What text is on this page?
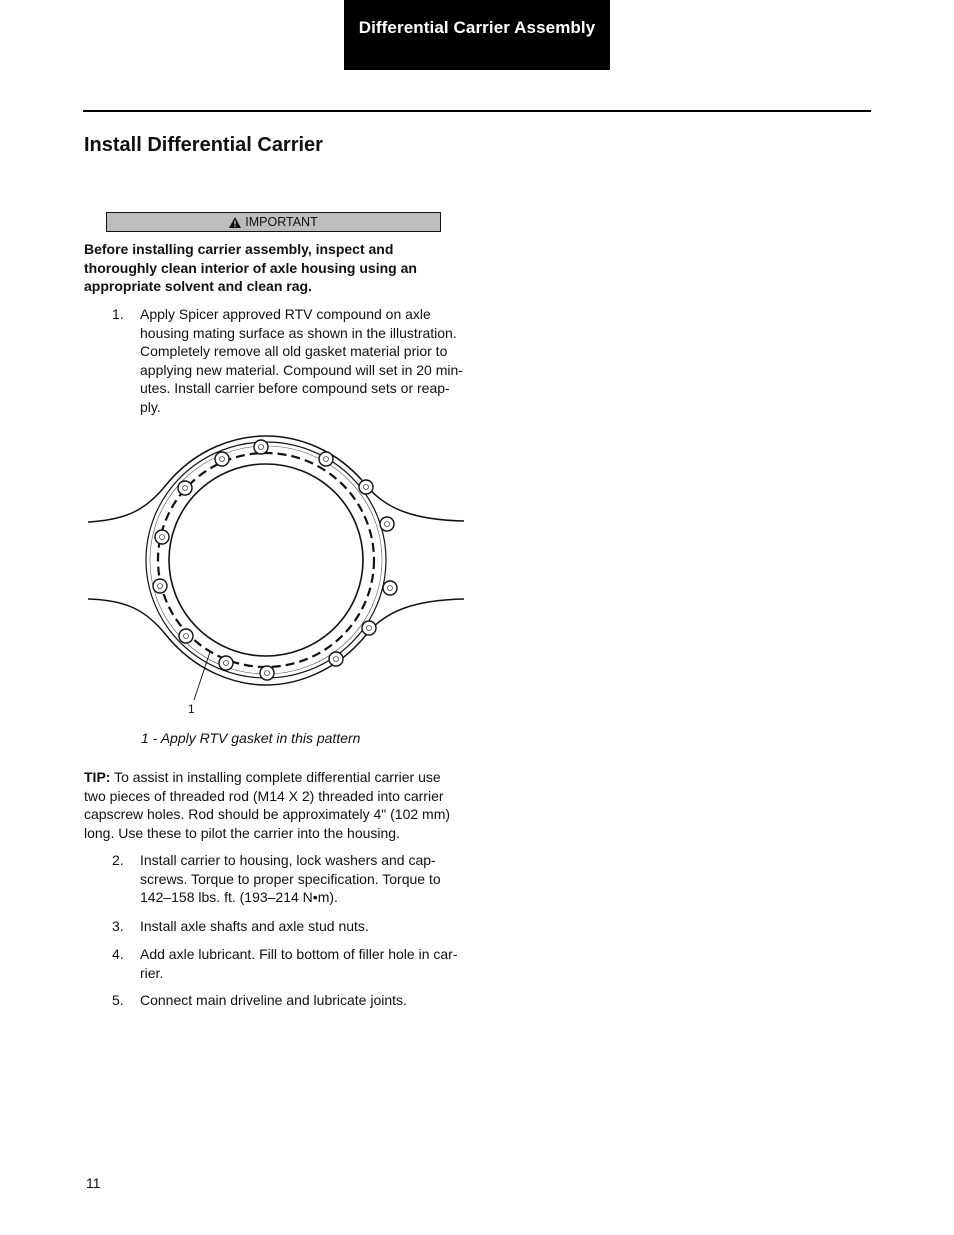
Differential Carrier Assembly
Install Differential Carrier
IMPORTANT
Before installing carrier assembly, inspect and thoroughly clean interior of axle housing using an appropriate solvent and clean rag.
1.	Apply Spicer approved RTV compound on axle housing mating surface as shown in the illustration. Completely remove all old gasket material prior to applying new material. Compound will set in 20 min-utes. Install carrier before compound sets or reap-ply.
1
1 - Apply RTV gasket in this pattern
TIP: To assist in installing complete differential carrier use two pieces of threaded rod (M14 X 2) threaded into carrier capscrew holes. Rod should be approximately 4" (102 mm) long. Use these to pilot the carrier into the housing.
2.	Install carrier to housing, lock washers and cap-screws. Torque to proper specification. Torque to 142–158 lbs. ft. (193–214 N•m).
3.	Install axle shafts and axle stud nuts.
4.	Add axle lubricant. Fill to bottom of filler hole in car-rier.
5.	Connect main driveline and lubricate joints.
11
